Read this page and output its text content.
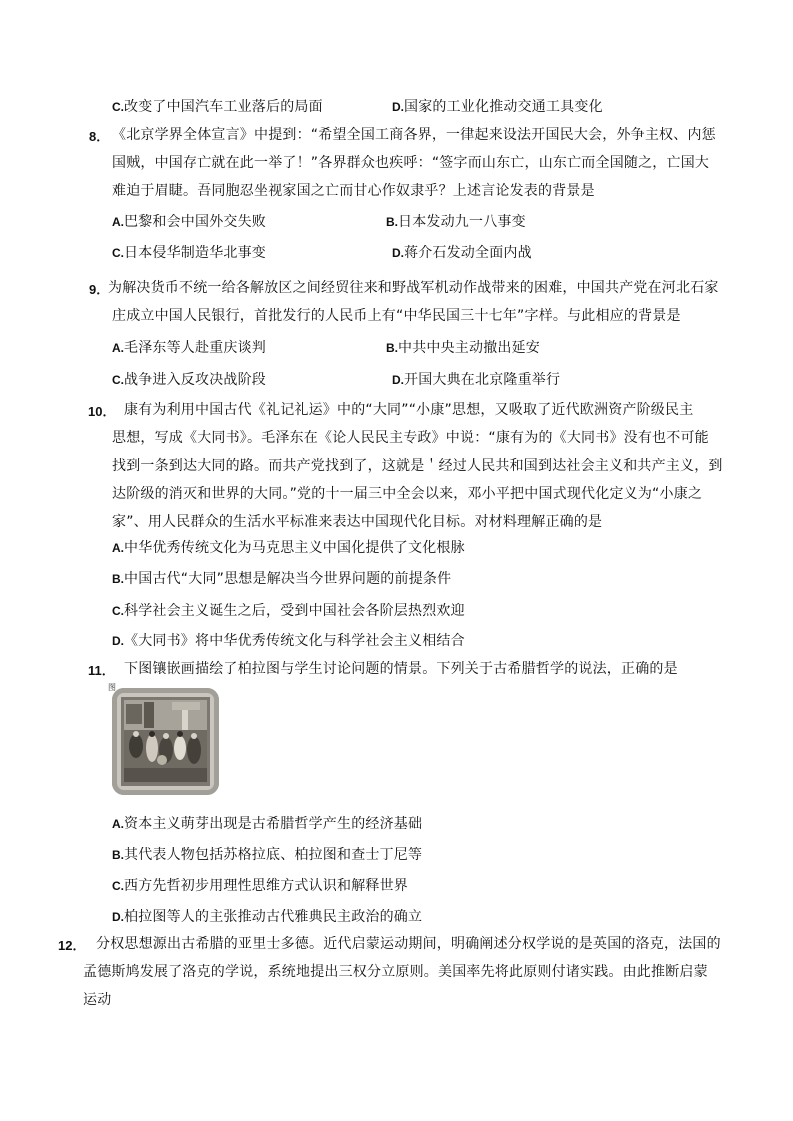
C.改变了中国汽车工业落后的局面	D.国家的工业化推动交通工具变化
8． 《北京学界全体宣言》中提到：“希望全国工商各界，一律起来设法开国民大会，外争主权、内惩
国贼，中国存亡就在此一举了！”各界群众也疾呼：“签字而山东亡，山东亡而全国随之，亡国大
难迫于眉睫。吾同胞忍坐视家国之亡而甘心作奴隶乎？上述言论发表的背景是
A.巴黎和会中国外交失败	B.日本发动九一八事变
C.日本侵华制造华北事变	D.蒋介石发动全面内战
9．
为解决货币不统一给各解放区之间经贸往来和野战军机动作战带来的困难，中国共产党在河北石家
庄成立中国人民银行，首批发行的人民币上有“中华民国三十七年”字样。与此相应的背景是
A.毛泽东等人赴重庆谈判	B.中共中央主动撤出延安
C.战争进入反攻决战阶段	D.开国大典在北京隆重举行
10． 康有为利用中国古代《礼记礼运》中的“大同”“小康”思想，又吸取了近代欧洲资产阶级民主
思想，写成《大同书》。毛泽东在《论人民民主专政》中说：“康有为的《大同书》没有也不可能
找到一条到达大同的路。而共产党找到了，这就是＇经过人民共和国到达社会主义和共产主义，到
达阶级的消灭和世界的大同。”党的十一届三中全会以来，邓小平把中国式现代化定义为“小康之
家”、用人民群众的生活水平标准来表达中国现代化目标。对材料理解正确的是
A.中华优秀传统文化为马克思主义中国化提供了文化根脉
B.中国古代“大同”思想是解决当今世界问题的前提条件
C.科学社会主义诞生之后，受到中国社会各阶层热烈欢迎
D.《大同书》将中华优秀传统文化与科学社会主义相结合
11． 下图镶嵌画描绘了柏拉图与学生讨论问题的情景。下列关于古希腊哲学的说法，正确的是
图
A.资本主义萌芽出现是古希腊哲学产生的经济基础
B.其代表人物包括苏格拉底、柏拉图和查士丁尼等
C.西方先哲初步用理性思维方式认识和解释世界
D.柏拉图等人的主张推动古代雅典民主政治的确立
12． 分权思想源出古希腊的亚里士多德。近代启蒙运动期间，明确阐述分权学说的是英国的洛克，法国的
孟德斯鸠发展了洛克的学说，系统地提出三权分立原则。美国率先将此原则付诸实践。由此推断启蒙
运动
